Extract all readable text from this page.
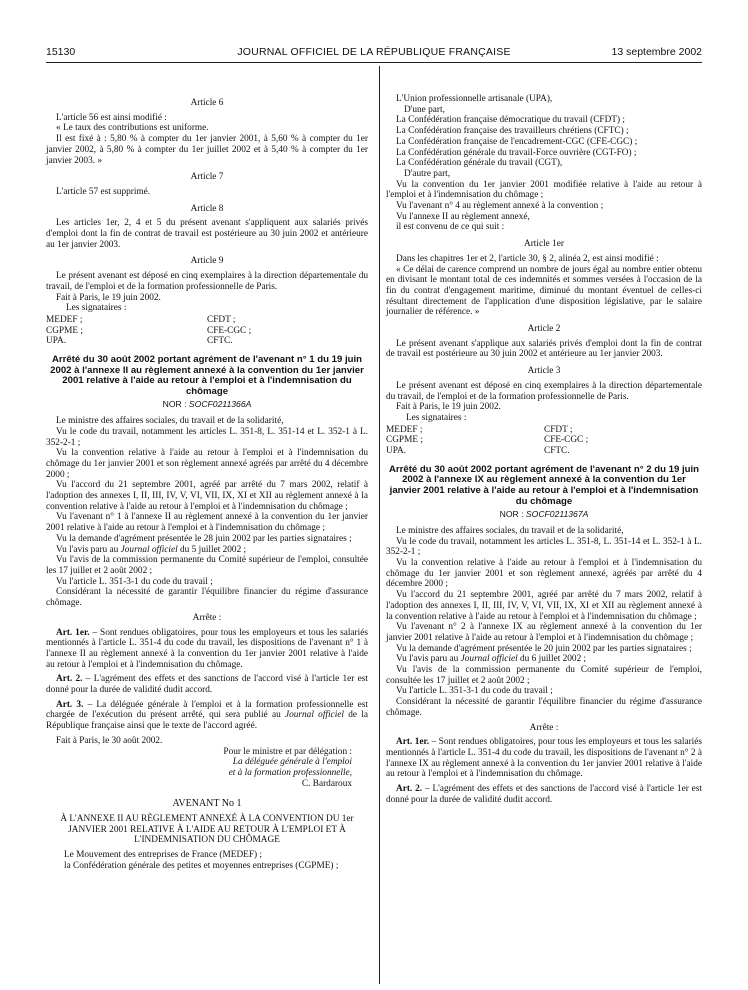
15130	JOURNAL OFFICIEL DE LA RÉPUBLIQUE FRANÇAISE	13 septembre 2002

Article 6

L'article 56 est ainsi modifié :

« Le taux des contributions est uniforme.

Il est fixé à : 5,80 % à compter du 1er janvier 2001, à 5,60 % à compter du 1er janvier 2002, à 5,80 % à compter du 1er juillet 2002 et à 5,40 % à compter du 1er janvier 2003. »

Article 7

L'article 57 est supprimé.

Article 8

Les articles 1er, 2, 4 et 5 du présent avenant s'appliquent aux salariés privés d'emploi dont la fin de contrat de travail est postérieure au 30 juin 2002 et antérieure au 1er janvier 2003.

Article 9

Le présent avenant est déposé en cinq exemplaires à la direction départementale du travail, de l'emploi et de la formation professionnelle de Paris.

Fait à Paris, le 19 juin 2002.

Les signataires :

MEDEF ;	CFDT ;
CGPME ;	CFE-CGC ;
UPA.	CFTC.

Arrêté du 30 août 2002 portant agrément de l'avenant n° 1 du 19 juin 2002 à l'annexe II au règlement annexé à la convention du 1er janvier 2001 relative à l'aide au retour à l'emploi et à l'indemnisation du chômage

NOR : SOCF0211366A

Le ministre des affaires sociales, du travail et de la solidarité,

Vu le code du travail, notamment les articles L. 351-8, L. 351-14 et L. 352-1 à L. 352-2-1 ;

Vu la convention relative à l'aide au retour à l'emploi et à l'indemnisation du chômage du 1er janvier 2001 et son règlement annexé agréés par arrêté du 4 décembre 2000 ;

Vu l'accord du 21 septembre 2001, agréé par arrêté du 7 mars 2002, relatif à l'adoption des annexes I, II, III, IV, V, VI, VII, IX, XI et XII au règlement annexé à la convention relative à l'aide au retour à l'emploi et à l'indemnisation du chômage ;

Vu l'avenant n° 1 à l'annexe II au règlement annexé à la convention du 1er janvier 2001 relative à l'aide au retour à l'emploi et à l'indemnisation du chômage ;

Vu la demande d'agrément présentée le 28 juin 2002 par les parties signataires ;

Vu l'avis paru au Journal officiel du 5 juillet 2002 ;

Vu l'avis de la commission permanente du Comité supérieur de l'emploi, consultée les 17 juillet et 2 août 2002 ;

Vu l'article L. 351-3-1 du code du travail ;

Considérant la nécessité de garantir l'équilibre financier du régime d'assurance chômage.

Arrête :

Art. 1er. – Sont rendues obligatoires, pour tous les employeurs et tous les salariés mentionnés à l'article L. 351-4 du code du travail, les dispositions de l'avenant n° 1 à l'annexe II au règlement annexé à la convention du 1er janvier 2001 relative à l'aide au retour à l'emploi et à l'indemnisation du chômage.

Art. 2. – L'agrément des effets et des sanctions de l'accord visé à l'article 1er est donné pour la durée de validité dudit accord.

Art. 3. – La déléguée générale à l'emploi et à la formation professionnelle est chargée de l'exécution du présent arrêté, qui sera publié au Journal officiel de la République française ainsi que le texte de l'accord agréé.

Fait à Paris, le 30 août 2002.

Pour le ministre et par délégation :

La déléguée générale à l'emploi

et à la formation professionnelle,

C. Bardaroux

AVENANT No 1

À L'ANNEXE II AU RÈGLEMENT ANNEXÉ À LA CONVENTION DU 1er JANVIER 2001 RELATIVE À L'AIDE AU RETOUR À L'EMPLOI ET À L'INDEMNISATION DU CHÔMAGE

Le Mouvement des entreprises de France (MEDEF) ;

la Confédération générale des petites et moyennes entreprises (CGPME) ;

L'Union professionnelle artisanale (UPA),

D'une part,

La Confédération française démocratique du travail (CFDT) ;

La Confédération française des travailleurs chrétiens (CFTC) ;

La Confédération française de l'encadrement-CGC (CFE-CGC) ;

La Confédération générale du travail-Force ouvrière (CGT-FO) ;

La Confédération générale du travail (CGT),

D'autre part,

Vu la convention du 1er janvier 2001 modifiée relative à l'aide au retour à l'emploi et à l'indemnisation du chômage ;

Vu l'avenant n° 4 au règlement annexé à la convention ;

Vu l'annexe II au règlement annexé,

il est convenu de ce qui suit :

Article 1er

Dans les chapitres 1er et 2, l'article 30, § 2, alinéa 2, est ainsi modifié :

« Ce délai de carence comprend un nombre de jours égal au nombre entier obtenu en divisant le montant total de ces indemnités et sommes versées à l'occasion de la fin du contrat d'engagement maritime, diminué du montant éventuel de celles-ci résultant directement de l'application d'une disposition législative, par le salaire journalier de référence. »

Article 2

Le présent avenant s'applique aux salariés privés d'emploi dont la fin de contrat de travail est postérieure au 30 juin 2002 et antérieure au 1er janvier 2003.

Article 3

Le présent avenant est déposé en cinq exemplaires à la direction départementale du travail, de l'emploi et de la formation professionnelle de Paris.

Fait à Paris, le 19 juin 2002.

Les signataires :

MEDEF ;	CFDT ;
CGPME ;	CFE-CGC ;
UPA.	CFTC.

Arrêté du 30 août 2002 portant agrément de l'avenant n° 2 du 19 juin 2002 à l'annexe IX au règlement annexé à la convention du 1er janvier 2001 relative à l'aide au retour à l'emploi et à l'indemnisation du chômage

NOR : SOCF0211367A

Le ministre des affaires sociales, du travail et de la solidarité,

Vu le code du travail, notamment les articles L. 351-8, L. 351-14 et L. 352-1 à L. 352-2-1 ;

Vu la convention relative à l'aide au retour à l'emploi et à l'indemnisation du chômage du 1er janvier 2001 et son règlement annexé, agréés par arrêté du 4 décembre 2000 ;

Vu l'accord du 21 septembre 2001, agréé par arrêté du 7 mars 2002, relatif à l'adoption des annexes I, II, III, IV, V, VI, VII, IX, XI et XII au règlement annexé à la convention relative à l'aide au retour à l'emploi et à l'indemnisation du chômage ;

Vu l'avenant n° 2 à l'annexe IX au règlement annexé à la convention du 1er janvier 2001 relative à l'aide au retour à l'emploi et à l'indemnisation du chômage ;

Vu la demande d'agrément présentée le 20 juin 2002 par les parties signataires ;

Vu l'avis paru au Journal officiel du 6 juillet 2002 ;

Vu l'avis de la commission permanente du Comité supérieur de l'emploi, consultée les 17 juillet et 2 août 2002 ;

Vu l'article L. 351-3-1 du code du travail ;

Considérant la nécessité de garantir l'équilibre financier du régime d'assurance chômage.

Arrête :

Art. 1er. – Sont rendues obligatoires, pour tous les employeurs et tous les salariés mentionnés à l'article L. 351-4 du code du travail, les dispositions de l'avenant n° 2 à l'annexe IX au règlement annexé à la convention du 1er janvier 2001 relative à l'aide au retour à l'emploi et à l'indemnisation du chômage.

Art. 2. – L'agrément des effets et des sanctions de l'accord visé à l'article 1er est donné pour la durée de validité dudit accord.
